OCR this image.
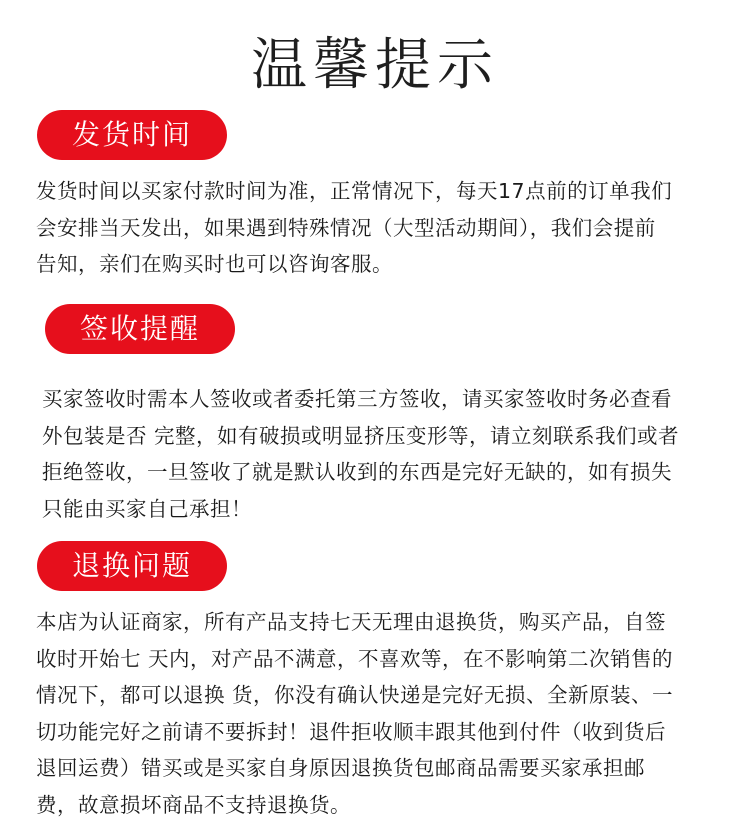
温馨提示
发货时间
发货时间以买家付款时间为准，正常情况下，每天17点前的订单我们
会安排当天发出，如果遇到特殊情况（大型活动期间），我们会提前
告知，亲们在购买时也可以咨询客服。
签收提醒
买家签收时需本人签收或者委托第三方签收，请买家签收时务必查看
外包装是否 完整，如有破损或明显挤压变形等，请立刻联系我们或者
拒绝签收，一旦签收了就是默认收到的东西是完好无缺的，如有损失
只能由买家自己承担！
退换问题
本店为认证商家，所有产品支持七天无理由退换货，购买产品，自签
收时开始七 天内，对产品不满意，不喜欢等，在不影响第二次销售的
情况下，都可以退换 货，你没有确认快递是完好无损、全新原装、一
切功能完好之前请不要拆封！退件拒收顺丰跟其他到付件（收到货后
退回运费）错买或是买家自身原因退换货包邮商品需要买家承担邮
费，故意损坏商品不支持退换货。
